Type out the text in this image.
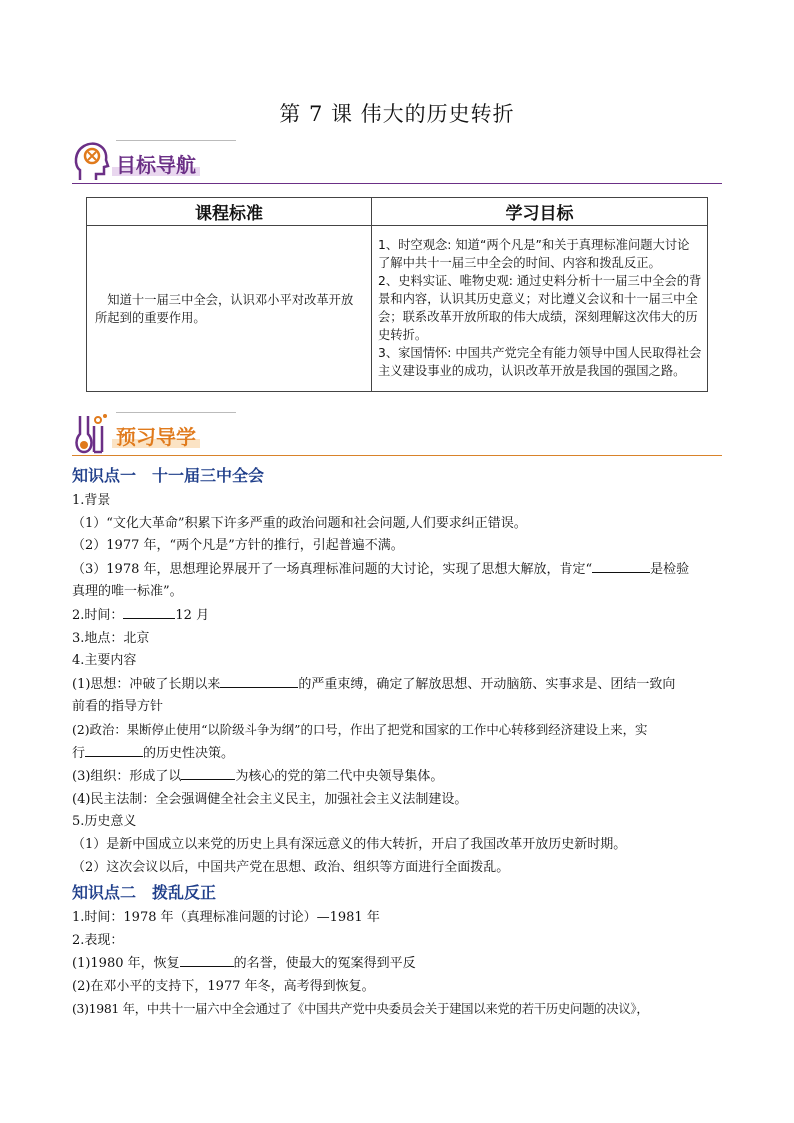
第 7 课 伟大的历史转折
目标导航
课程标准	学习目标
知道十一届三中全会，认识邓小平对改革开放所起到的重要作用。	1、时空观念: 知道“两个凡是”和关于真理标准问题大讨论 了解中共十一届三中全会的时间、内容和拨乱反正。
2、史料实证、唯物史观: 通过史料分析十一届三中全会的背景和内容，认识其历史意义；对比遵义会议和十一届三中全会；联系改革开放所取的伟大成绩，深刻理解这次伟大的历史转折。
3、家国情怀: 中国共产党完全有能力领导中国人民取得社会主义建设事业的成功，认识改革开放是我国的强国之路。
预习导学
知识点一　十一届三中全会
1.背景
（1）“文化大革命”积累下许多严重的政治问题和社会问题,人们要求纠正错误。
（2）1977 年，“两个凡是”方针的推行，引起普遍不满。
（3）1978 年，思想理论界展开了一场真理标准问题的大讨论，实现了思想大解放，肯定“	是检验
真理的唯一标准”。
2.时间：	12 月
3.地点：北京
4.主要内容
(1)思想：冲破了长期以来	的严重束缚，确定了解放思想、开动脑筋、实事求是、团结一致向
前看的指导方针
(2)政治：果断停止使用“以阶级斗争为纲”的口号，作出了把党和国家的工作中心转移到经济建设上来，实
行	的历史性决策。
(3)组织：形成了以	为核心的党的第二代中央领导集体。
(4)民主法制：全会强调健全社会主义民主，加强社会主义法制建设。
5.历史意义
（1）是新中国成立以来党的历史上具有深远意义的伟大转折，开启了我国改革开放历史新时期。
（2）这次会议以后，中国共产党在思想、政治、组织等方面进行全面拨乱。
知识点二　拨乱反正
1.时间：1978 年（真理标准问题的讨论）—1981 年
2.表现：
(1)1980 年，恢复	的名誉，使最大的冤案得到平反
(2)在邓小平的支持下，1977 年冬，高考得到恢复。
(3)1981 年，中共十一届六中全会通过了《中国共产党中央委员会关于建国以来党的若干历史问题的决议》，
